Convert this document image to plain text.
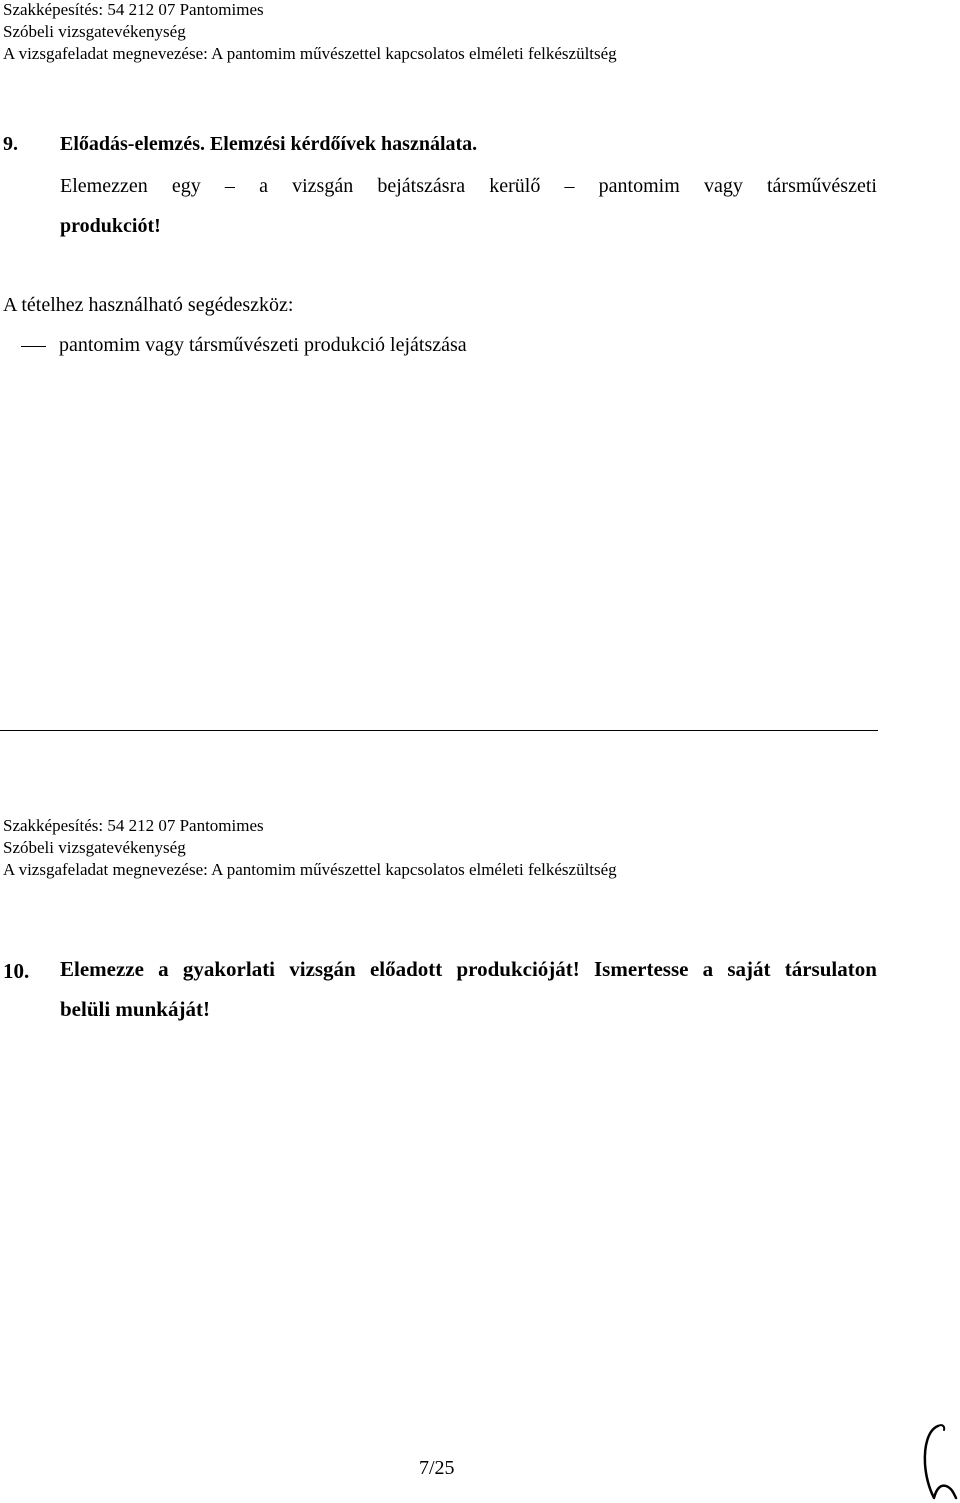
Szakképesítés: 54 212 07 Pantomimes
Szóbeli vizsgatevékenység
A vizsgafeladat megnevezése: A pantomim művészettel kapcsolatos elméleti felkészültség
9. Előadás-elemzés. Elemzési kérdőívek használata.
Elemezzen egy – a vizsgán bejátszásra kerülő – pantomim vagy társművészeti
produkciót!
A tételhez használható segédeszköz:
pantomim vagy társművészeti produkció lejátszása
Szakképesítés: 54 212 07 Pantomimes
Szóbeli vizsgatevékenység
A vizsgafeladat megnevezése: A pantomim művészettel kapcsolatos elméleti felkészültség
10. Elemezze a gyakorlati vizsgán előadott produkcióját! Ismertesse a saját társulaton
belüli munkáját!
7/25
